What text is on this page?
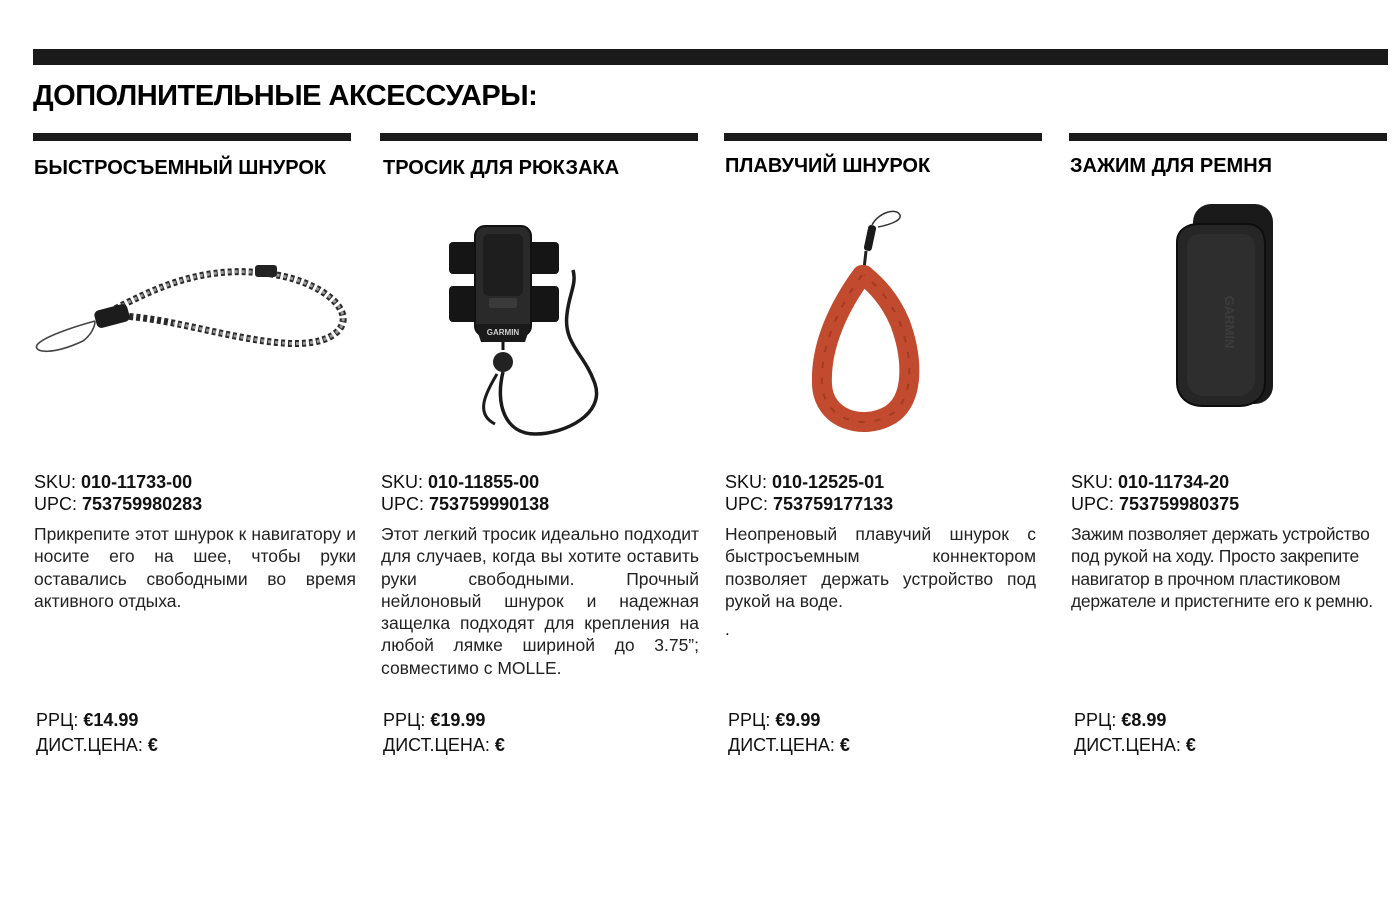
ДОПОЛНИТЕЛЬНЫЕ АКСЕССУАРЫ:
БЫСТРОСЪЕМНЫЙ ШНУРОК
SKU: 010-11733-00
UPC: 753759980283
Прикрепите этот шнурок к навигатору и носите его на шее, чтобы руки оставались свободными во время активного отдыха.
РРЦ: €14.99
ДИСТ.ЦЕНА: €
ТРОСИК ДЛЯ РЮКЗАКА
GARMIN
SKU: 010-11855-00
UPC: 753759990138
Этот легкий тросик идеально подходит для случаев, когда вы хотите оставить руки свободными. Прочный нейлоновый шнурок и надежная защелка подходят для крепления на любой лямке шириной до 3.75”; совместимо с MOLLE.
РРЦ: €19.99
ДИСТ.ЦЕНА: €
ПЛАВУЧИЙ ШНУРОК
SKU: 010-12525-01
UPC: 753759177133
Неопреновый плавучий шнурок с быстросъемным коннектором позволяет держать устройство под рукой на воде.
.
РРЦ: €9.99
ДИСТ.ЦЕНА: €
ЗАЖИМ ДЛЯ РЕМНЯ
GARMIN
SKU: 010-11734-20
UPC: 753759980375
Зажим позволяет держать устройство под рукой на ходу. Просто закрепите навигатор в прочном пластиковом держателе и пристегните его к ремню.
РРЦ: €8.99
ДИСТ.ЦЕНА: €
